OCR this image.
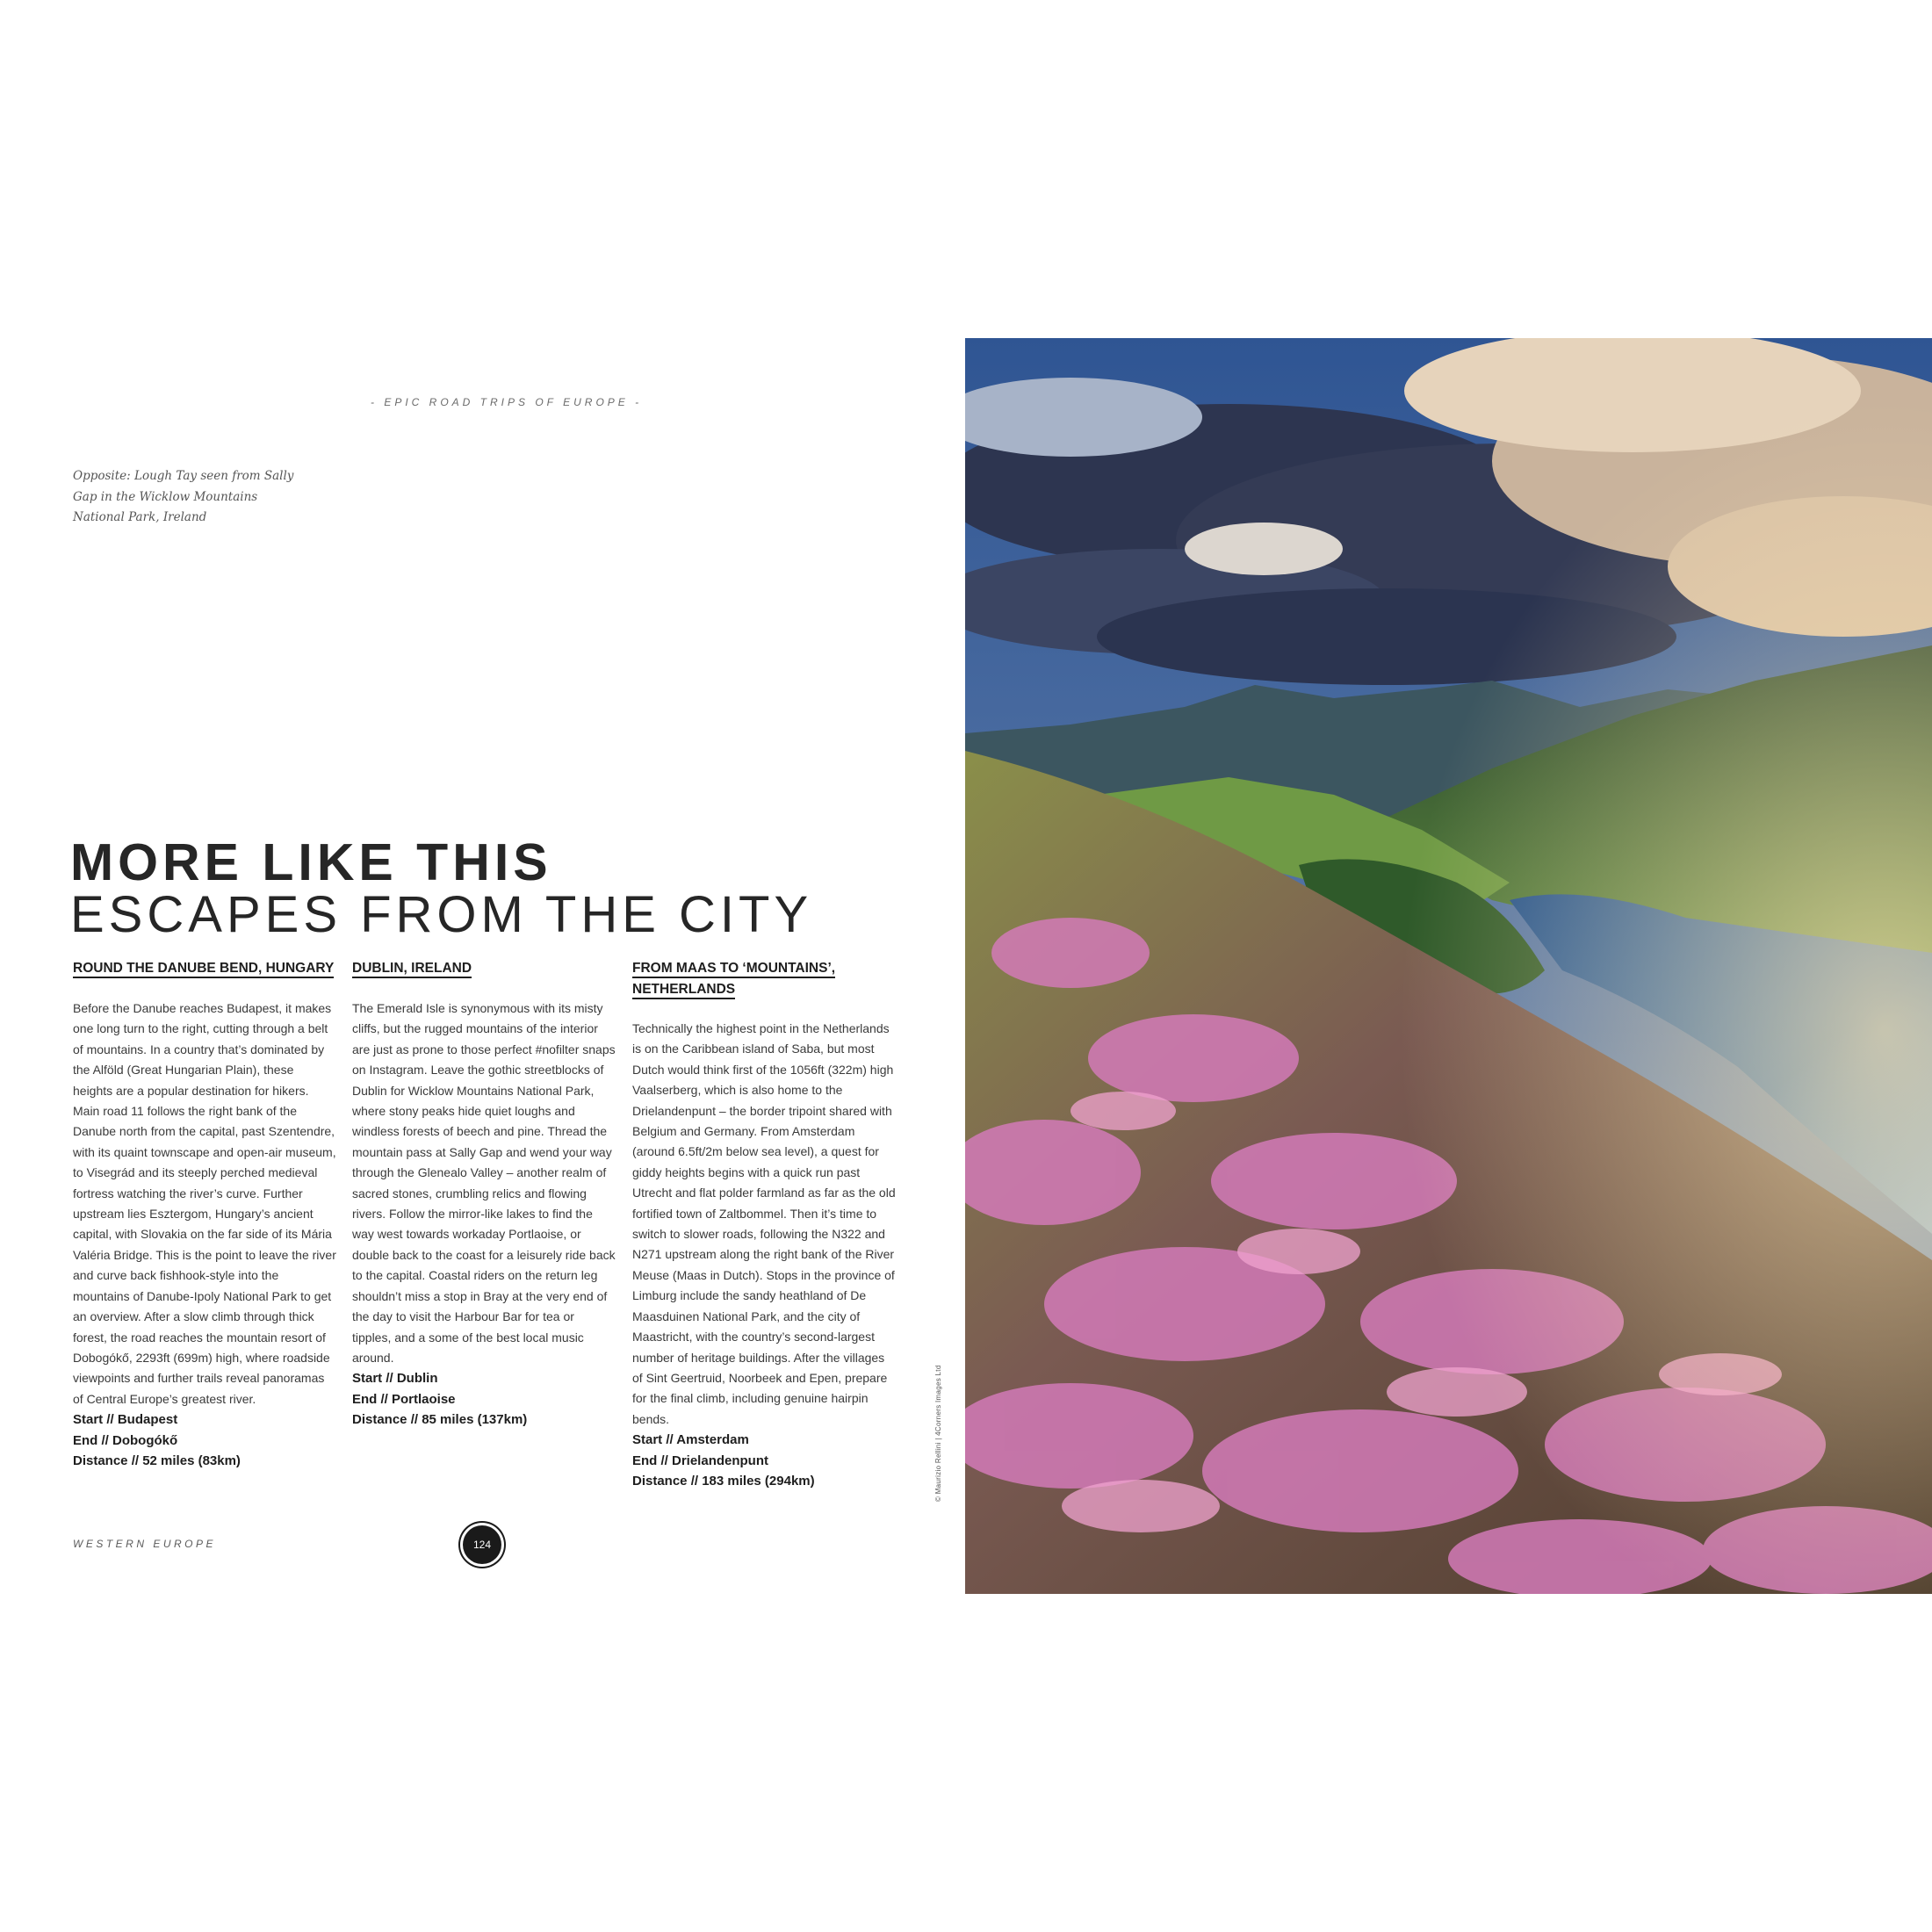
- EPIC ROAD TRIPS OF EUROPE -
Opposite: Lough Tay seen from Sally
Gap in the Wicklow Mountains
National Park, Ireland
MORE LIKE THIS
ESCAPES FROM THE CITY
ROUND THE DANUBE BEND, HUNGARY
Before the Danube reaches Budapest, it makes one long turn to the right, cutting through a belt of mountains. In a country that’s dominated by the Alföld (Great Hungarian Plain), these heights are a popular destination for hikers. Main road 11 follows the right bank of the Danube north from the capital, past Szentendre, with its quaint townscape and open-air museum, to Visegrád and its steeply perched medieval fortress watching the river’s curve. Further upstream lies Esztergom, Hungary’s ancient capital, with Slovakia on the far side of its Mária Valéria Bridge. This is the point to leave the river and curve back fishhook-style into the mountains of Danube-Ipoly National Park to get an overview. After a slow climb through thick forest, the road reaches the mountain resort of Dobogókő, 2293ft (699m) high, where roadside viewpoints and further trails reveal panoramas of Central Europe’s greatest river.
Start // Budapest
End // Dobogókő
Distance // 52 miles (83km)
DUBLIN, IRELAND
The Emerald Isle is synonymous with its misty cliffs, but the rugged mountains of the interior are just as prone to those perfect #nofilter snaps on Instagram. Leave the gothic streetblocks of Dublin for Wicklow Mountains National Park, where stony peaks hide quiet loughs and windless forests of beech and pine. Thread the mountain pass at Sally Gap and wend your way through the Glenealo Valley – another realm of sacred stones, crumbling relics and flowing rivers. Follow the mirror-like lakes to find the way west towards workaday Portlaoise, or double back to the coast for a leisurely ride back to the capital. Coastal riders on the return leg shouldn’t miss a stop in Bray at the very end of the day to visit the Harbour Bar for tea or tipples, and a some of the best local music around.
Start // Dublin
End // Portlaoise
Distance // 85 miles (137km)
FROM MAAS TO ‘MOUNTAINS’, NETHERLANDS
Technically the highest point in the Netherlands is on the Caribbean island of Saba, but most Dutch would think first of the 1056ft (322m) high Vaalserberg, which is also home to the Drielandenpunt – the border tripoint shared with Belgium and Germany. From Amsterdam (around 6.5ft/2m below sea level), a quest for giddy heights begins with a quick run past Utrecht and flat polder farmland as far as the old fortified town of Zaltbommel. Then it’s time to switch to slower roads, following the N322 and N271 upstream along the right bank of the River Meuse (Maas in Dutch). Stops in the province of Limburg include the sandy heathland of De Maasduinen National Park, and the city of Maastricht, with the country’s second-largest number of heritage buildings. After the villages of Sint Geertruid, Noorbeek and Epen, prepare for the final climb, including genuine hairpin bends.
Start // Amsterdam
End // Drielandenpunt
Distance // 183 miles (294km)
WESTERN EUROPE	124
© Maurizio Rellini | 4Corners Images Ltd
